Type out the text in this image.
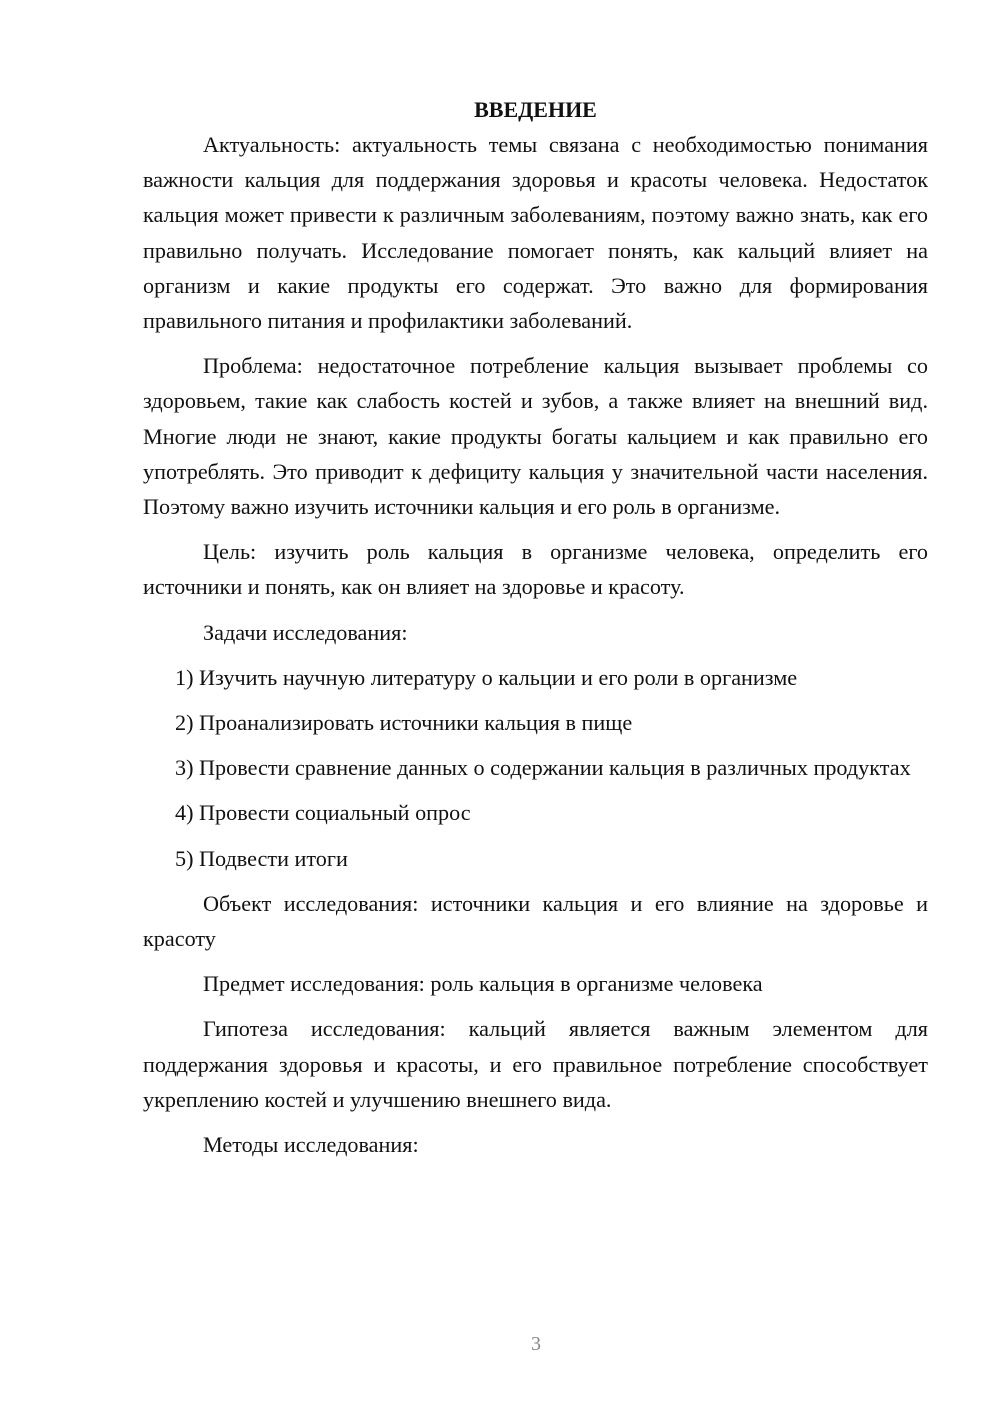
ВВЕДЕНИЕ

Актуальность: актуальность темы связана с необходимостью понимания важности кальция для поддержания здоровья и красоты человека. Недостаток кальция может привести к различным заболеваниям, поэтому важно знать, как его правильно получать. Исследование помогает понять, как кальций влияет на организм и какие продукты его содержат. Это важно для формирования правильного питания и профилактики заболеваний.

Проблема: недостаточное потребление кальция вызывает проблемы со здоровьем, такие как слабость костей и зубов, а также влияет на внешний вид. Многие люди не знают, какие продукты богаты кальцием и как правильно его употреблять. Это приводит к дефициту кальция у значительной части населения. Поэтому важно изучить источники кальция и его роль в организме.

Цель: изучить роль кальция в организме человека, определить его источники и понять, как он влияет на здоровье и красоту.

Задачи исследования:

1) Изучить научную литературу о кальции и его роли в организме

2) Проанализировать источники кальция в пище

3) Провести сравнение данных о содержании кальция в различных продуктах

4) Провести социальный опрос

5) Подвести итоги

Объект исследования: источники кальция и его влияние на здоровье и красоту

Предмет исследования: роль кальция в организме человека

Гипотеза исследования: кальций является важным элементом для поддержания здоровья и красоты, и его правильное потребление способствует укреплению костей и улучшению внешнего вида.

Методы исследования:

3
